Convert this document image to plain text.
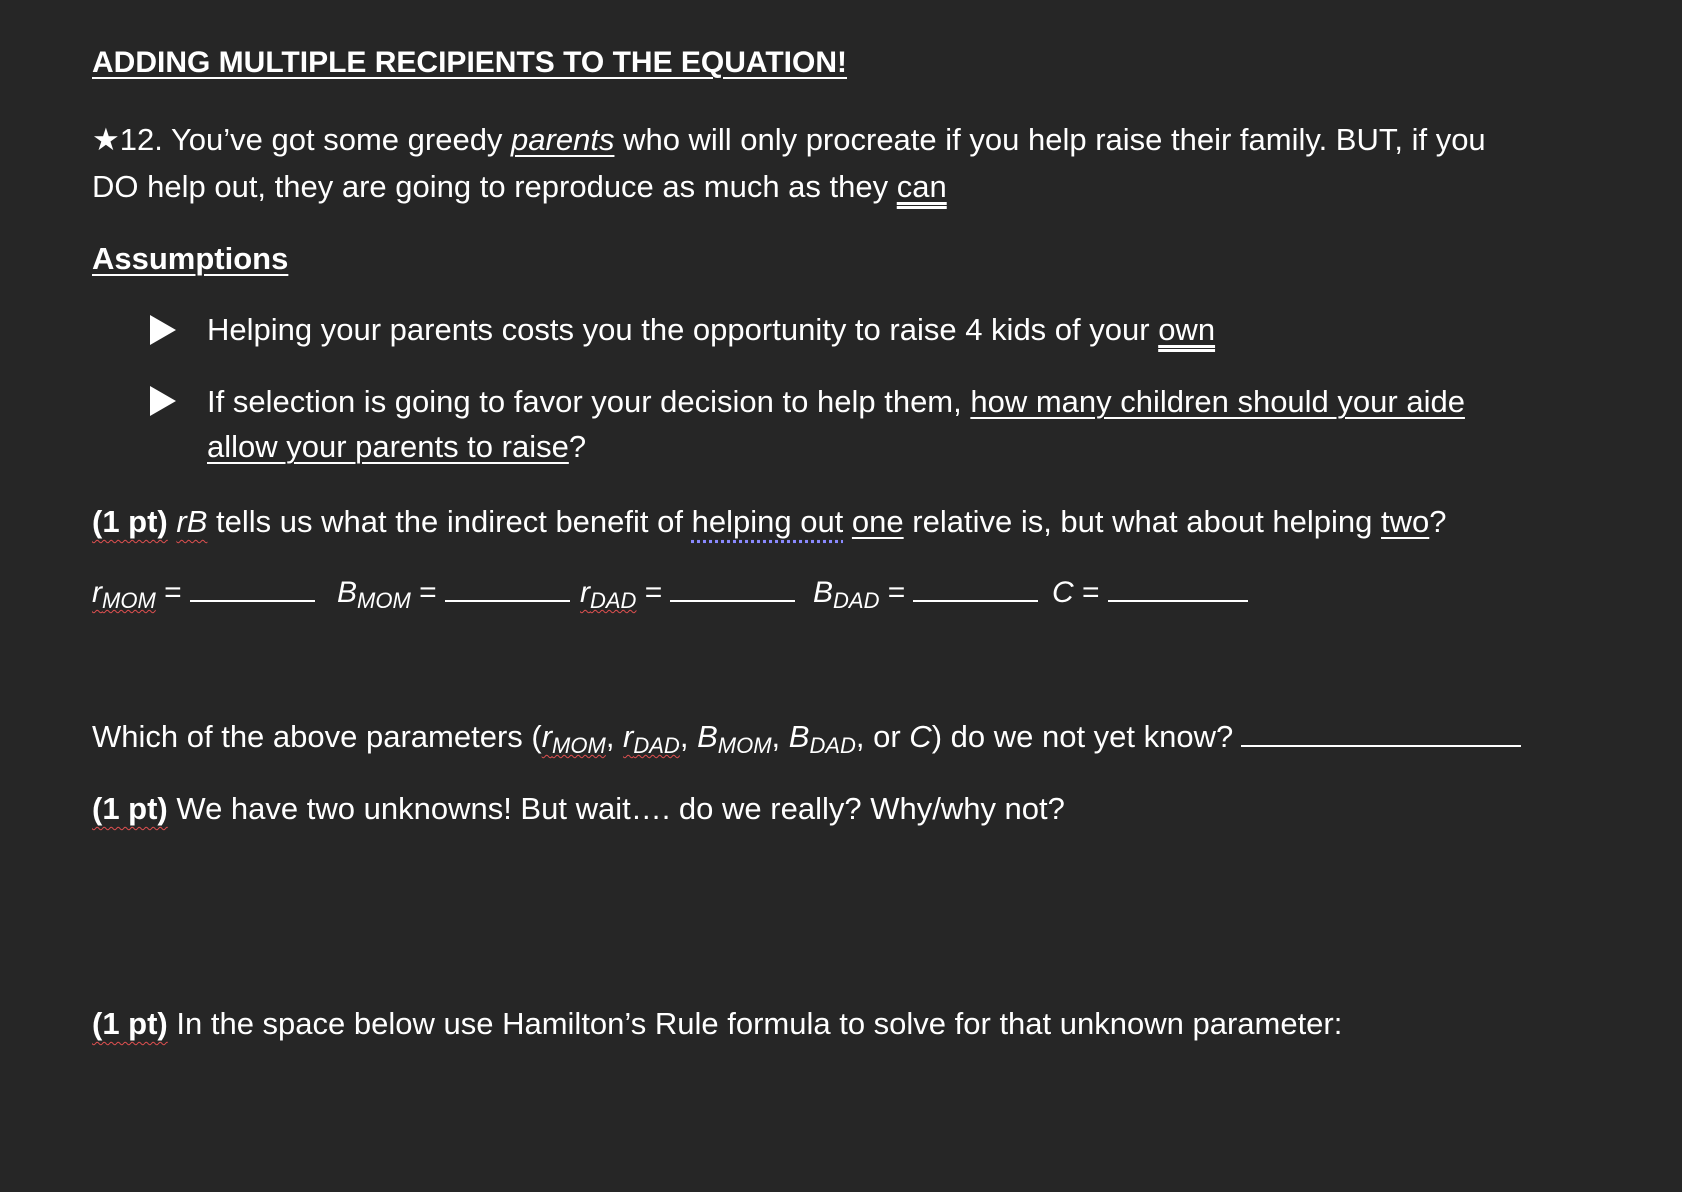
ADDING MULTIPLE RECIPIENTS TO THE EQUATION!
★12. You’ve got some greedy parents who will only procreate if you help raise their family. BUT, if you
DO help out, they are going to reproduce as much as they can
Assumptions
Helping your parents costs you the opportunity to raise 4 kids of your own
If selection is going to favor your decision to help them, how many children should your aide
allow your parents to raise?
(1 pt) rB tells us what the indirect benefit of helping out one relative is, but what about helping two?
$r_{MOM}$ =	$B_{MOM}$ =	$r_{DAD}$ =	$B_{DAD}$ =	C =
Which of the above parameters ($r_{MOM}$, $r_{DAD}$, $B_{MOM}$, $B_{DAD}$, or C) do we not yet know?
(1 pt) We have two unknowns! But wait…. do we really? Why/why not?
(1 pt) In the space below use Hamilton’s Rule formula to solve for that unknown parameter:
